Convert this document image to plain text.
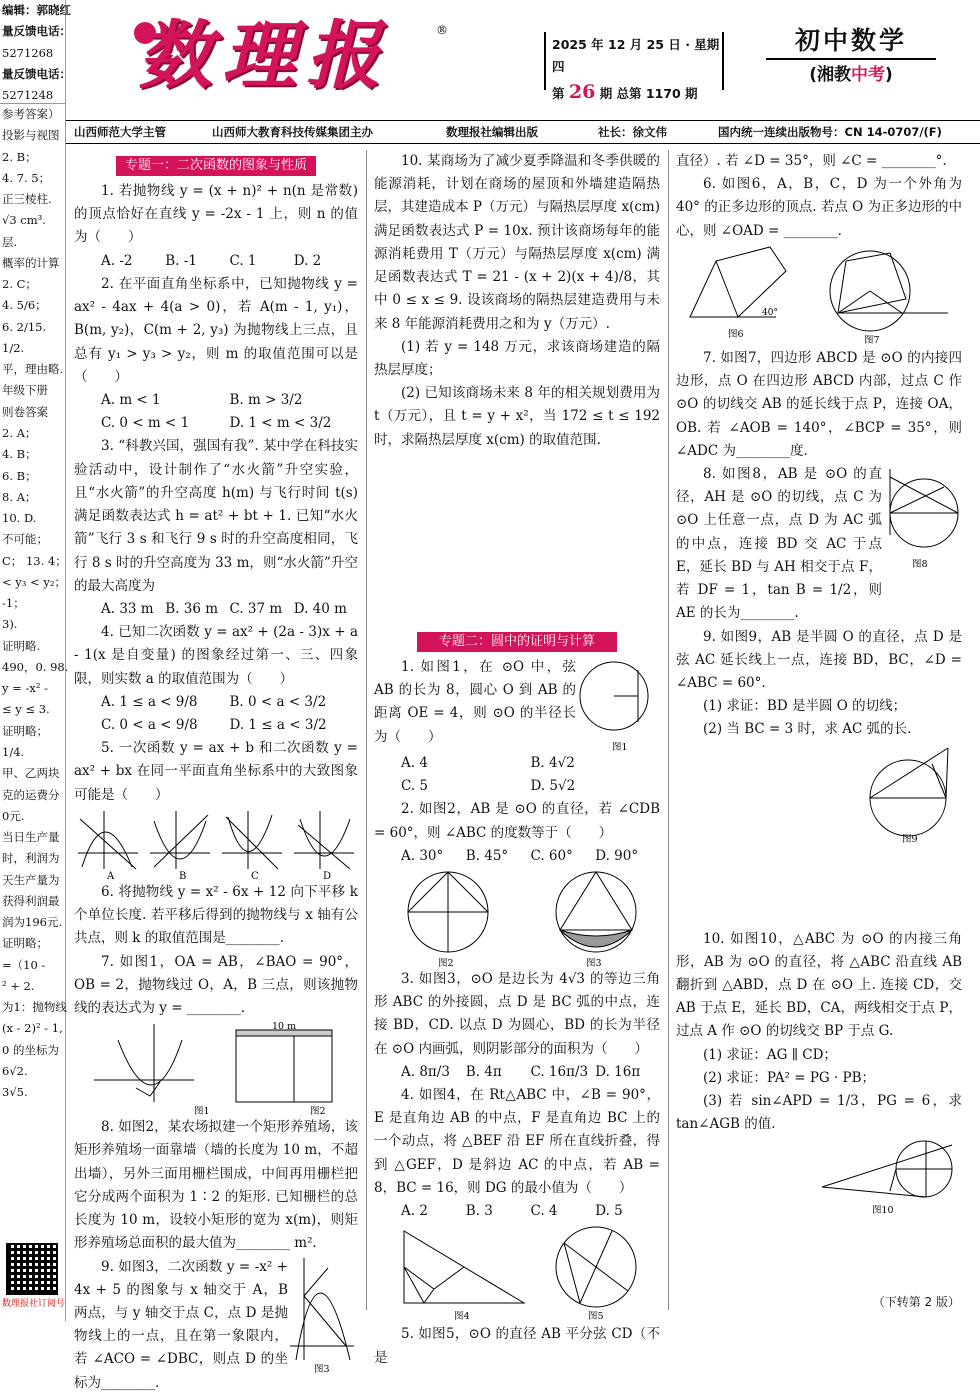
编辑：郭晓红
量反馈电话：
5271268
量反馈电话：
5271248
参考答案）
投影与视图
2. B；
4. 7. 5；
正三棱柱.
√3 cm³.
层.
概率的计算
2. C；
4. 5/6；
6. 2/15.
1/2.
平，理由略.
年级下册
则卷答案
2. A；
4. B；
6. B；
8. A；
10. D.
不可能；
C； 13. 4；
< y₃ < y₂；
-1；
3).
证明略.
490，0. 98.
y = -x² -
≤ y ≤ 3.
证明略；
1/4.
甲、乙两块
克的运费分
0元.
当日生产量
时，利润为
天生产量为
获得利润最
润为196元.
证明略；
=（10 -
² + 2.
为1：抛物线
(x - 2)² - 1,
0 的坐标为
6√2.
3√5.
数理报社订阅号
数理报	®
2025 年 12 月 25 日 · 星期四
第 26 期 总第 1170 期
初中数学
(湘教中考)
山西师范大学主管	山西师大教育科技传媒集团主办	数理报社编辑出版	社长：徐文伟	国内统一连续出版物号：CN 14-0707/(F)
专题一：二次函数的图象与性质
1. 若抛物线 y = (x + n)² + n(n 是常数) 的顶点恰好在直线 y = -2x - 1 上，则 n 的值为（　　）
A. -2	B. -1	C. 1	D. 2
2. 在平面直角坐标系中，已知抛物线 y = ax² - 4ax + 4(a > 0)，若 A(m - 1, y₁)，B(m, y₂)，C(m + 2, y₃) 为抛物线上三点，且总有 y₁ > y₃ > y₂，则 m 的取值范围可以是（　　）
A. m < 1	B. m > 3/2
C. 0 < m < 1	D. 1 < m < 3/2
3. “科教兴国，强国有我”. 某中学在科技实验活动中，设计制作了“水火箭”升空实验，且“水火箭”的升空高度 h(m) 与飞行时间 t(s) 满足函数表达式 h = at² + bt + 1. 已知“水火箭”飞行 3 s 和飞行 9 s 时的升空高度相同，飞行 8 s 时的升空高度为 33 m，则“水火箭”升空的最大高度为
A. 33 m B. 36 m C. 37 m D. 40 m
4. 已知二次函数 y = ax² + (2a - 3)x + a - 1(x 是自变量) 的图象经过第一、三、四象限，则实数 a 的取值范围为（　　）
A. 1 ≤ a < 9/8	B. 0 < a < 3/2
C. 0 < a < 9/8	D. 1 ≤ a < 3/2
5. 一次函数 y = ax + b 和二次函数 y = ax² + bx 在同一平面直角坐标系中的大致图象可能是（　　）
A	B	C	D
6. 将抛物线 y = x² - 6x + 12 向下平移 k 个单位长度. 若平移后得到的抛物线与 x 轴有公共点，则 k 的取值范围是________.
7. 如图1，OA = AB，∠BAO = 90°，OB = 2，抛物线过 O，A，B 三点，则该抛物线的表达式为 y = ________.
图1
10 m
图2
8. 如图2，某农场拟建一个矩形养殖场，该矩形养殖场一面靠墙（墙的长度为 10 m，不超出墙），另外三面用栅栏围成，中间再用栅栏把它分成两个面积为 1∶2 的矩形. 已知栅栏的总长度为 10 m，设较小矩形的宽为 x(m)，则矩形养殖场总面积的最大值为________ m².
9. 如图3，二次函数 y = -x² + 4x + 5 的图象与 x 轴交于 A，B 两点，与 y 轴交于点 C，点 D 是抛物线上的一点，且在第一象限内，若 ∠ACO = ∠DBC，则点 D 的坐标为________.
图3
10. 某商场为了减少夏季降温和冬季供暖的能源消耗，计划在商场的屋顶和外墙建造隔热层，其建造成本 P（万元）与隔热层厚度 x(cm) 满足函数表达式 P = 10x. 预计该商场每年的能源消耗费用 T（万元）与隔热层厚度 x(cm) 满足函数表达式 T = 21 - (x + 2)(x + 4)/8，其中 0 ≤ x ≤ 9. 设该商场的隔热层建造费用与未来 8 年能源消耗费用之和为 y（万元）.
(1) 若 y = 148 万元，求该商场建造的隔热层厚度；
(2) 已知该商场未来 8 年的相关规划费用为 t（万元），且 t = y + x²，当 172 ≤ t ≤ 192 时，求隔热层厚度 x(cm) 的取值范围.
专题二：圆中的证明与计算
1. 如图1，在 ⊙O 中，弦 AB 的长为 8，圆心 O 到 AB 的距离 OE = 4，则 ⊙O 的半径长为（　　）
图1
A. 4	B. 4√2
C. 5	D. 5√2
2. 如图2，AB 是 ⊙O 的直径，若 ∠CDB = 60°，则 ∠ABC 的度数等于（　　）
A. 30°	B. 45°	C. 60°	D. 90°
图2	图3
3. 如图3，⊙O 是边长为 4√3 的等边三角形 ABC 的外接圆，点 D 是 BC 弧的中点，连接 BD，CD. 以点 D 为圆心，BD 的长为半径在 ⊙O 内画弧，则阴影部分的面积为（　　）
A. 8π/3	B. 4π	C. 16π/3 D. 16π
4. 如图4，在 Rt△ABC 中，∠B = 90°，E 是直角边 AB 的中点，F 是直角边 BC 上的一个动点，将 △BEF 沿 EF 所在直线折叠，得到 △GEF，D 是斜边 AC 的中点，若 AB = 8，BC = 16，则 DG 的最小值为（　　）
A. 2	B. 3	C. 4	D. 5
图4	图5
5. 如图5，⊙O 的直径 AB 平分弦 CD（不是
直径）. 若 ∠D = 35°，则 ∠C = ________°.
6. 如图6，A，B，C，D 为一个外角为 40° 的正多边形的顶点. 若点 O 为正多边形的中心，则 ∠OAD = ________.
40°
图6
图7
7. 如图7，四边形 ABCD 是 ⊙O 的内接四边形，点 O 在四边形 ABCD 内部，过点 C 作 ⊙O 的切线交 AB 的延长线于点 P，连接 OA，OB. 若 ∠AOB = 140°，∠BCP = 35°，则 ∠ADC 为________度.
8. 如图8，AB 是 ⊙O 的直径，AH 是 ⊙O 的切线，点 C 为 ⊙O 上任意一点，点 D 为 AC 弧的中点，连接 BD 交 AC 于点 E，延长 BD 与 AH 相交于点 F，若 DF = 1，tan B = 1/2，则 AE 的长为________.
图8
9. 如图9，AB 是半圆 O 的直径，点 D 是弦 AC 延长线上一点，连接 BD，BC，∠D = ∠ABC = 60°.
(1) 求证：BD 是半圆 O 的切线；
(2) 当 BC = 3 时，求 AC 弧的长.
图9
10. 如图10，△ABC 为 ⊙O 的内接三角形，AB 为 ⊙O 的直径，将 △ABC 沿直线 AB 翻折到 △ABD，点 D 在 ⊙O 上. 连接 CD，交 AB 于点 E，延长 BD，CA，两线相交于点 P，过点 A 作 ⊙O 的切线交 BP 于点 G.
(1) 求证：AG ∥ CD；
(2) 求证：PA² = PG · PB；
(3) 若 sin∠APD = 1/3，PG = 6，求 tan∠AGB 的值.
图10
（下转第 2 版）
